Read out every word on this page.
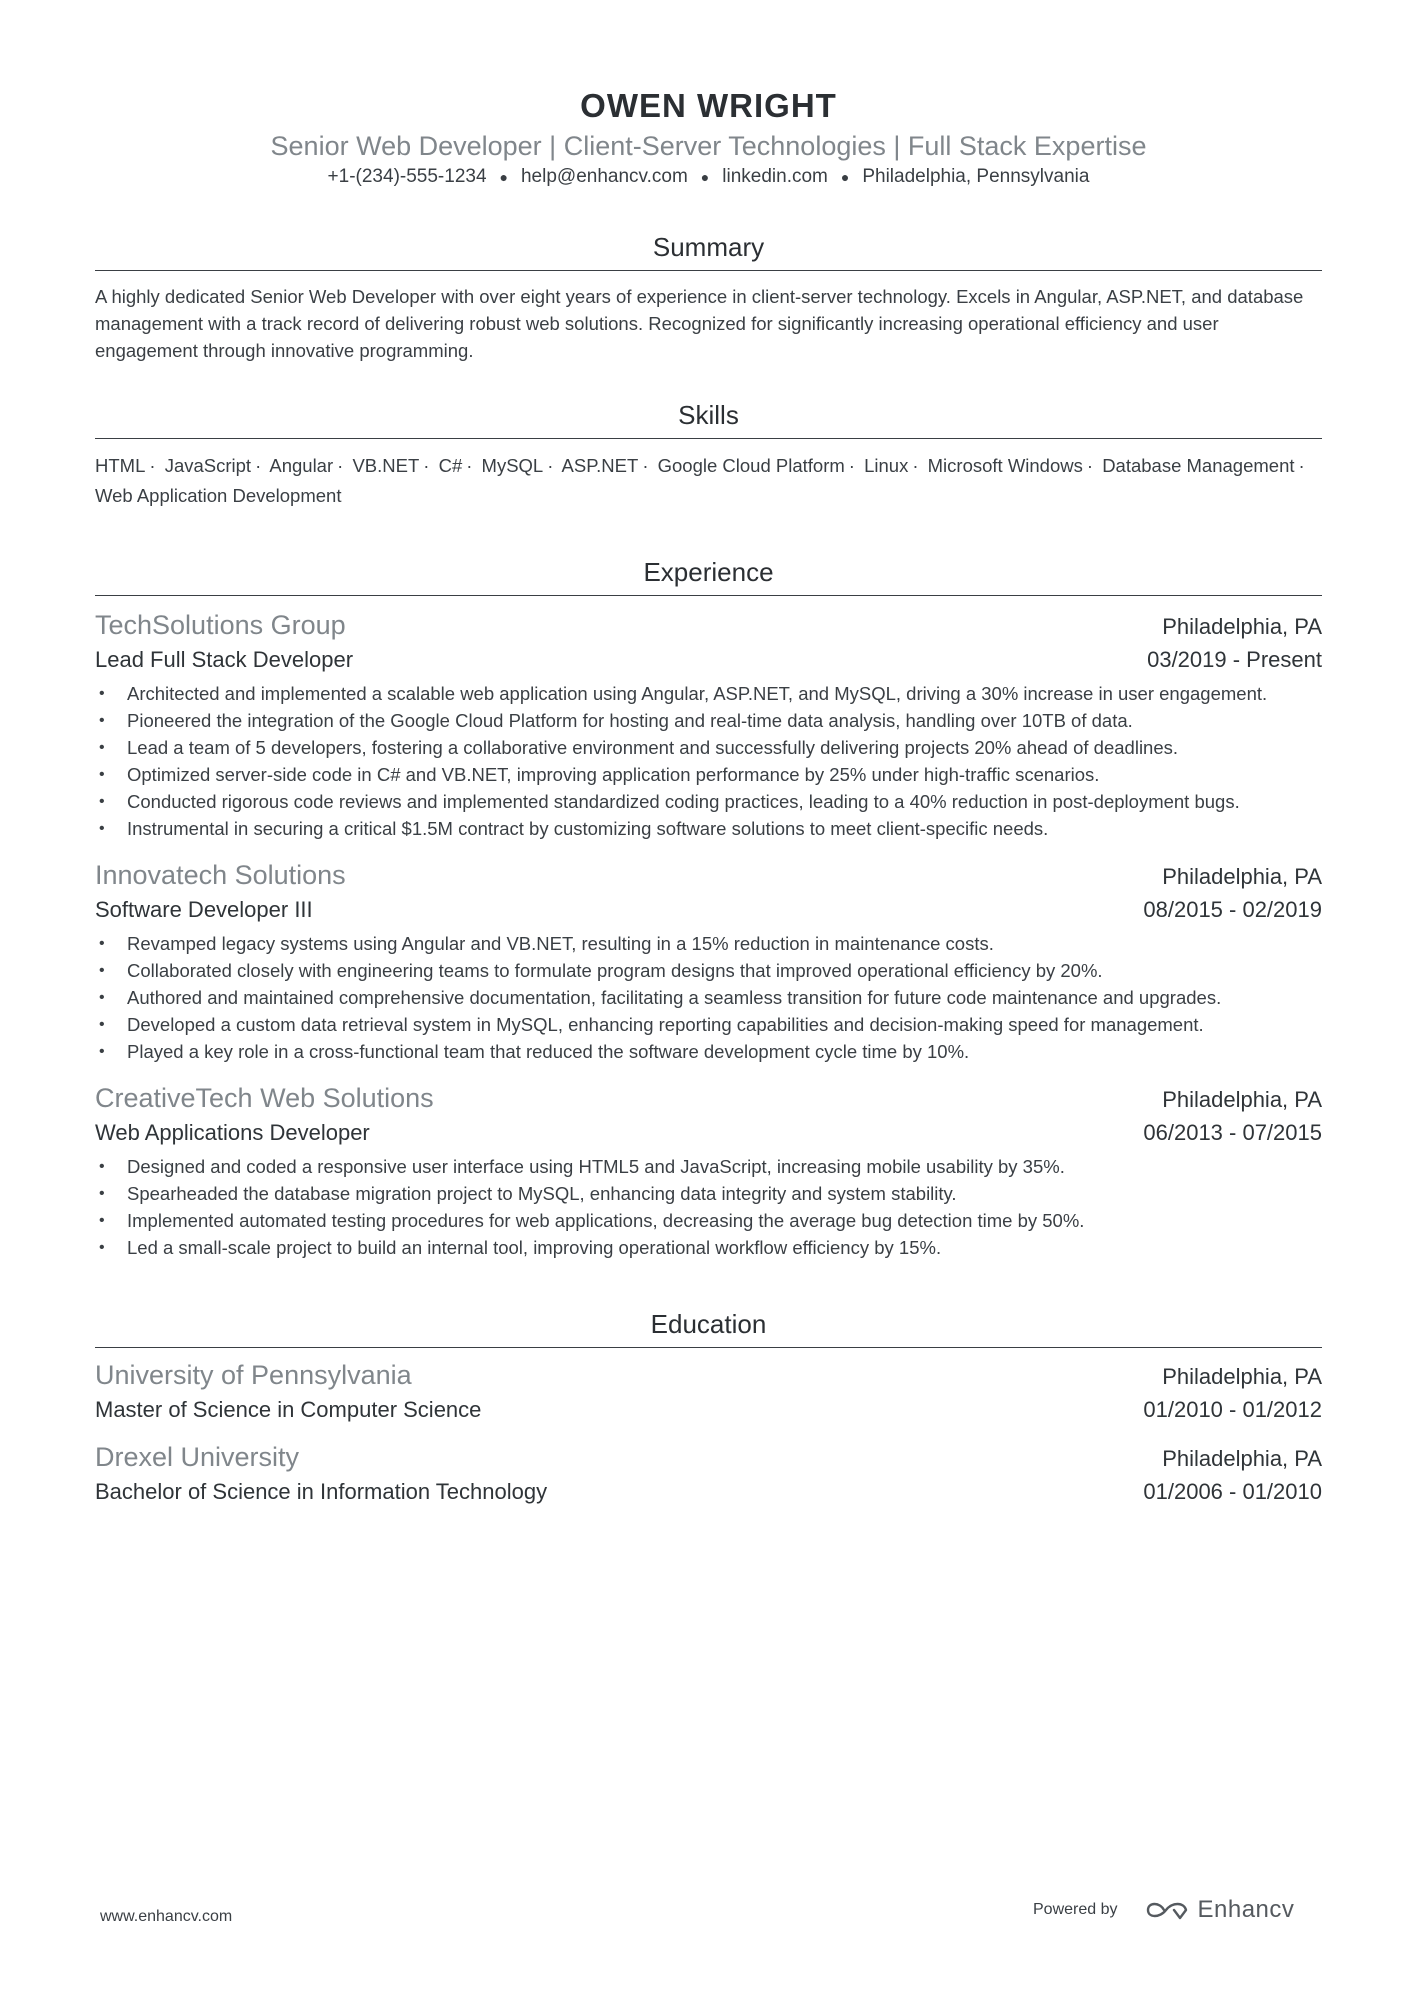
OWEN WRIGHT
Senior Web Developer | Client-Server Technologies | Full Stack Expertise
+1-(234)-555-1234 ● help@enhancv.com ● linkedin.com ● Philadelphia, Pennsylvania
Summary
A highly dedicated Senior Web Developer with over eight years of experience in client-server technology. Excels in Angular, ASP.NET, and database management with a track record of delivering robust web solutions. Recognized for significantly increasing operational efficiency and user engagement through innovative programming.
Skills
HTML · JavaScript · Angular · VB.NET · C# · MySQL · ASP.NET · Google Cloud Platform · Linux · Microsoft Windows · Database Management · Web Application Development
Experience
TechSolutions Group	Philadelphia, PA
Lead Full Stack Developer	03/2019 - Present
• Architected and implemented a scalable web application using Angular, ASP.NET, and MySQL, driving a 30% increase in user engagement.
• Pioneered the integration of the Google Cloud Platform for hosting and real-time data analysis, handling over 10TB of data.
• Lead a team of 5 developers, fostering a collaborative environment and successfully delivering projects 20% ahead of deadlines.
• Optimized server-side code in C# and VB.NET, improving application performance by 25% under high-traffic scenarios.
• Conducted rigorous code reviews and implemented standardized coding practices, leading to a 40% reduction in post-deployment bugs.
• Instrumental in securing a critical $1.5M contract by customizing software solutions to meet client-specific needs.
Innovatech Solutions	Philadelphia, PA
Software Developer III	08/2015 - 02/2019
• Revamped legacy systems using Angular and VB.NET, resulting in a 15% reduction in maintenance costs.
• Collaborated closely with engineering teams to formulate program designs that improved operational efficiency by 20%.
• Authored and maintained comprehensive documentation, facilitating a seamless transition for future code maintenance and upgrades.
• Developed a custom data retrieval system in MySQL, enhancing reporting capabilities and decision-making speed for management.
• Played a key role in a cross-functional team that reduced the software development cycle time by 10%.
CreativeTech Web Solutions	Philadelphia, PA
Web Applications Developer	06/2013 - 07/2015
• Designed and coded a responsive user interface using HTML5 and JavaScript, increasing mobile usability by 35%.
• Spearheaded the database migration project to MySQL, enhancing data integrity and system stability.
• Implemented automated testing procedures for web applications, decreasing the average bug detection time by 50%.
• Led a small-scale project to build an internal tool, improving operational workflow efficiency by 15%.
Education
University of Pennsylvania	Philadelphia, PA
Master of Science in Computer Science	01/2010 - 01/2012
Drexel University	Philadelphia, PA
Bachelor of Science in Information Technology	01/2006 - 01/2010
www.enhancv.com	Powered by	Enhancv
